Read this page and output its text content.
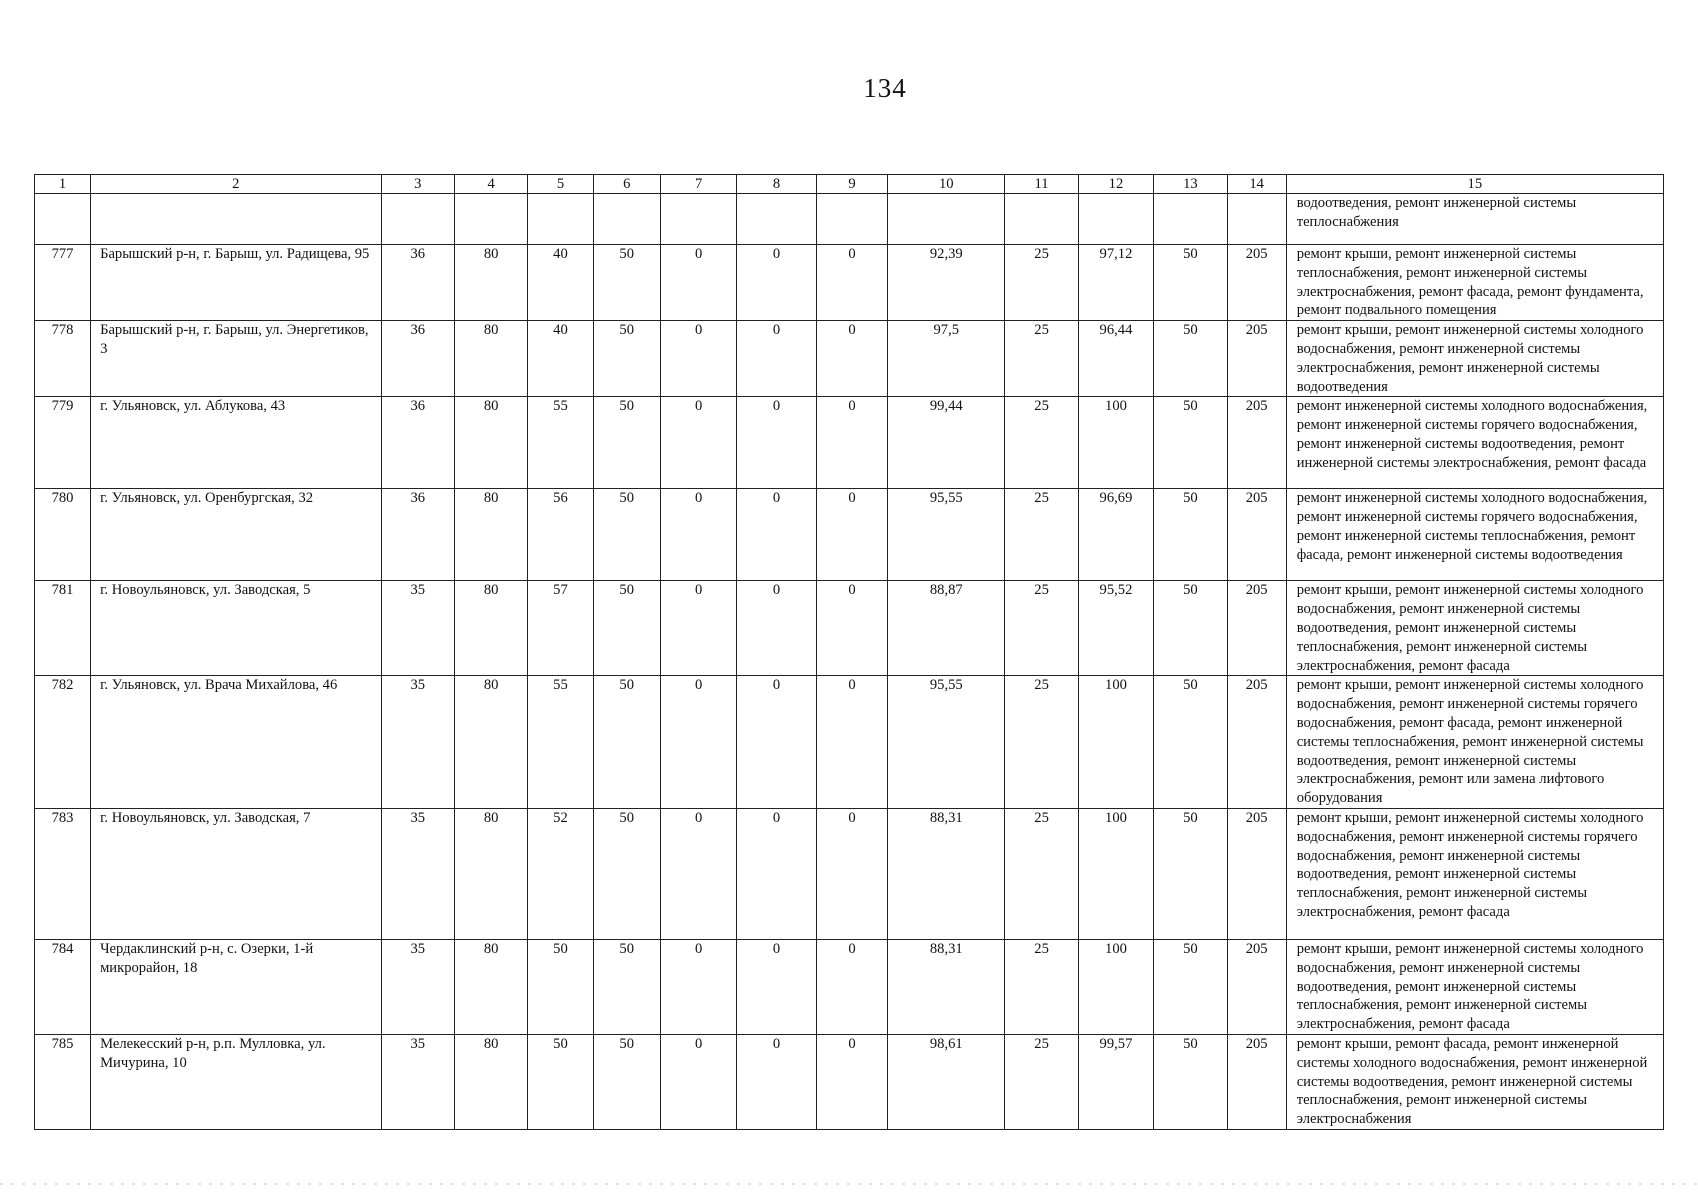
134
1	2	3	4	5	6	7	8	9	10	11	12	13	14	15
														водоотведения, ремонт инженерной системы теплоснабжения
777	Барышский р-н, г. Барыш, ул. Радищева, 95	36	80	40	50	0	0	0	92,39	25	97,12	50	205	ремонт крыши, ремонт инженерной системы теплоснабжения, ремонт инженерной системы электроснабжения, ремонт фасада, ремонт фундамента, ремонт подвального помещения
778	Барышский р-н, г. Барыш, ул. Энергетиков, 3	36	80	40	50	0	0	0	97,5	25	96,44	50	205	ремонт крыши, ремонт инженерной системы холодного водоснабжения, ремонт инженерной системы электроснабжения, ремонт инженерной системы водоотведения
779	г. Ульяновск, ул. Аблукова, 43	36	80	55	50	0	0	0	99,44	25	100	50	205	ремонт инженерной системы холодного водоснабжения, ремонт инженерной системы горячего водоснабжения, ремонт инженерной системы водоотведения, ремонт инженерной системы электроснабжения, ремонт фасада
780	г. Ульяновск, ул. Оренбургская, 32	36	80	56	50	0	0	0	95,55	25	96,69	50	205	ремонт инженерной системы холодного водоснабжения, ремонт инженерной системы горячего водоснабжения, ремонт инженерной системы теплоснабжения, ремонт фасада, ремонт инженерной системы водоотведения
781	г. Новоульяновск, ул. Заводская, 5	35	80	57	50	0	0	0	88,87	25	95,52	50	205	ремонт крыши, ремонт инженерной системы холодного водоснабжения, ремонт инженерной системы водоотведения, ремонт инженерной системы теплоснабжения, ремонт инженерной системы электроснабжения, ремонт фасада
782	г. Ульяновск, ул. Врача Михайлова, 46	35	80	55	50	0	0	0	95,55	25	100	50	205	ремонт крыши, ремонт инженерной системы холодного водоснабжения, ремонт инженерной системы горячего водоснабжения, ремонт фасада, ремонт инженерной системы теплоснабжения, ремонт инженерной системы водоотведения, ремонт инженерной системы электроснабжения, ремонт или замена лифтового оборудования
783	г. Новоульяновск, ул. Заводская, 7	35	80	52	50	0	0	0	88,31	25	100	50	205	ремонт крыши, ремонт инженерной системы холодного водоснабжения, ремонт инженерной системы горячего водоснабжения, ремонт инженерной системы водоотведения, ремонт инженерной системы теплоснабжения, ремонт инженерной системы электроснабжения, ремонт фасада
784	Чердаклинский р-н, с. Озерки, 1-й микрорайон, 18	35	80	50	50	0	0	0	88,31	25	100	50	205	ремонт крыши, ремонт инженерной системы холодного водоснабжения, ремонт инженерной системы водоотведения, ремонт инженерной системы теплоснабжения, ремонт инженерной системы электроснабжения, ремонт фасада
785	Мелекесский р-н, р.п. Мулловка, ул. Мичурина, 10	35	80	50	50	0	0	0	98,61	25	99,57	50	205	ремонт крыши, ремонт фасада, ремонт инженерной системы холодного водоснабжения, ремонт инженерной системы водоотведения, ремонт инженерной системы теплоснабжения, ремонт инженерной системы электроснабжения
